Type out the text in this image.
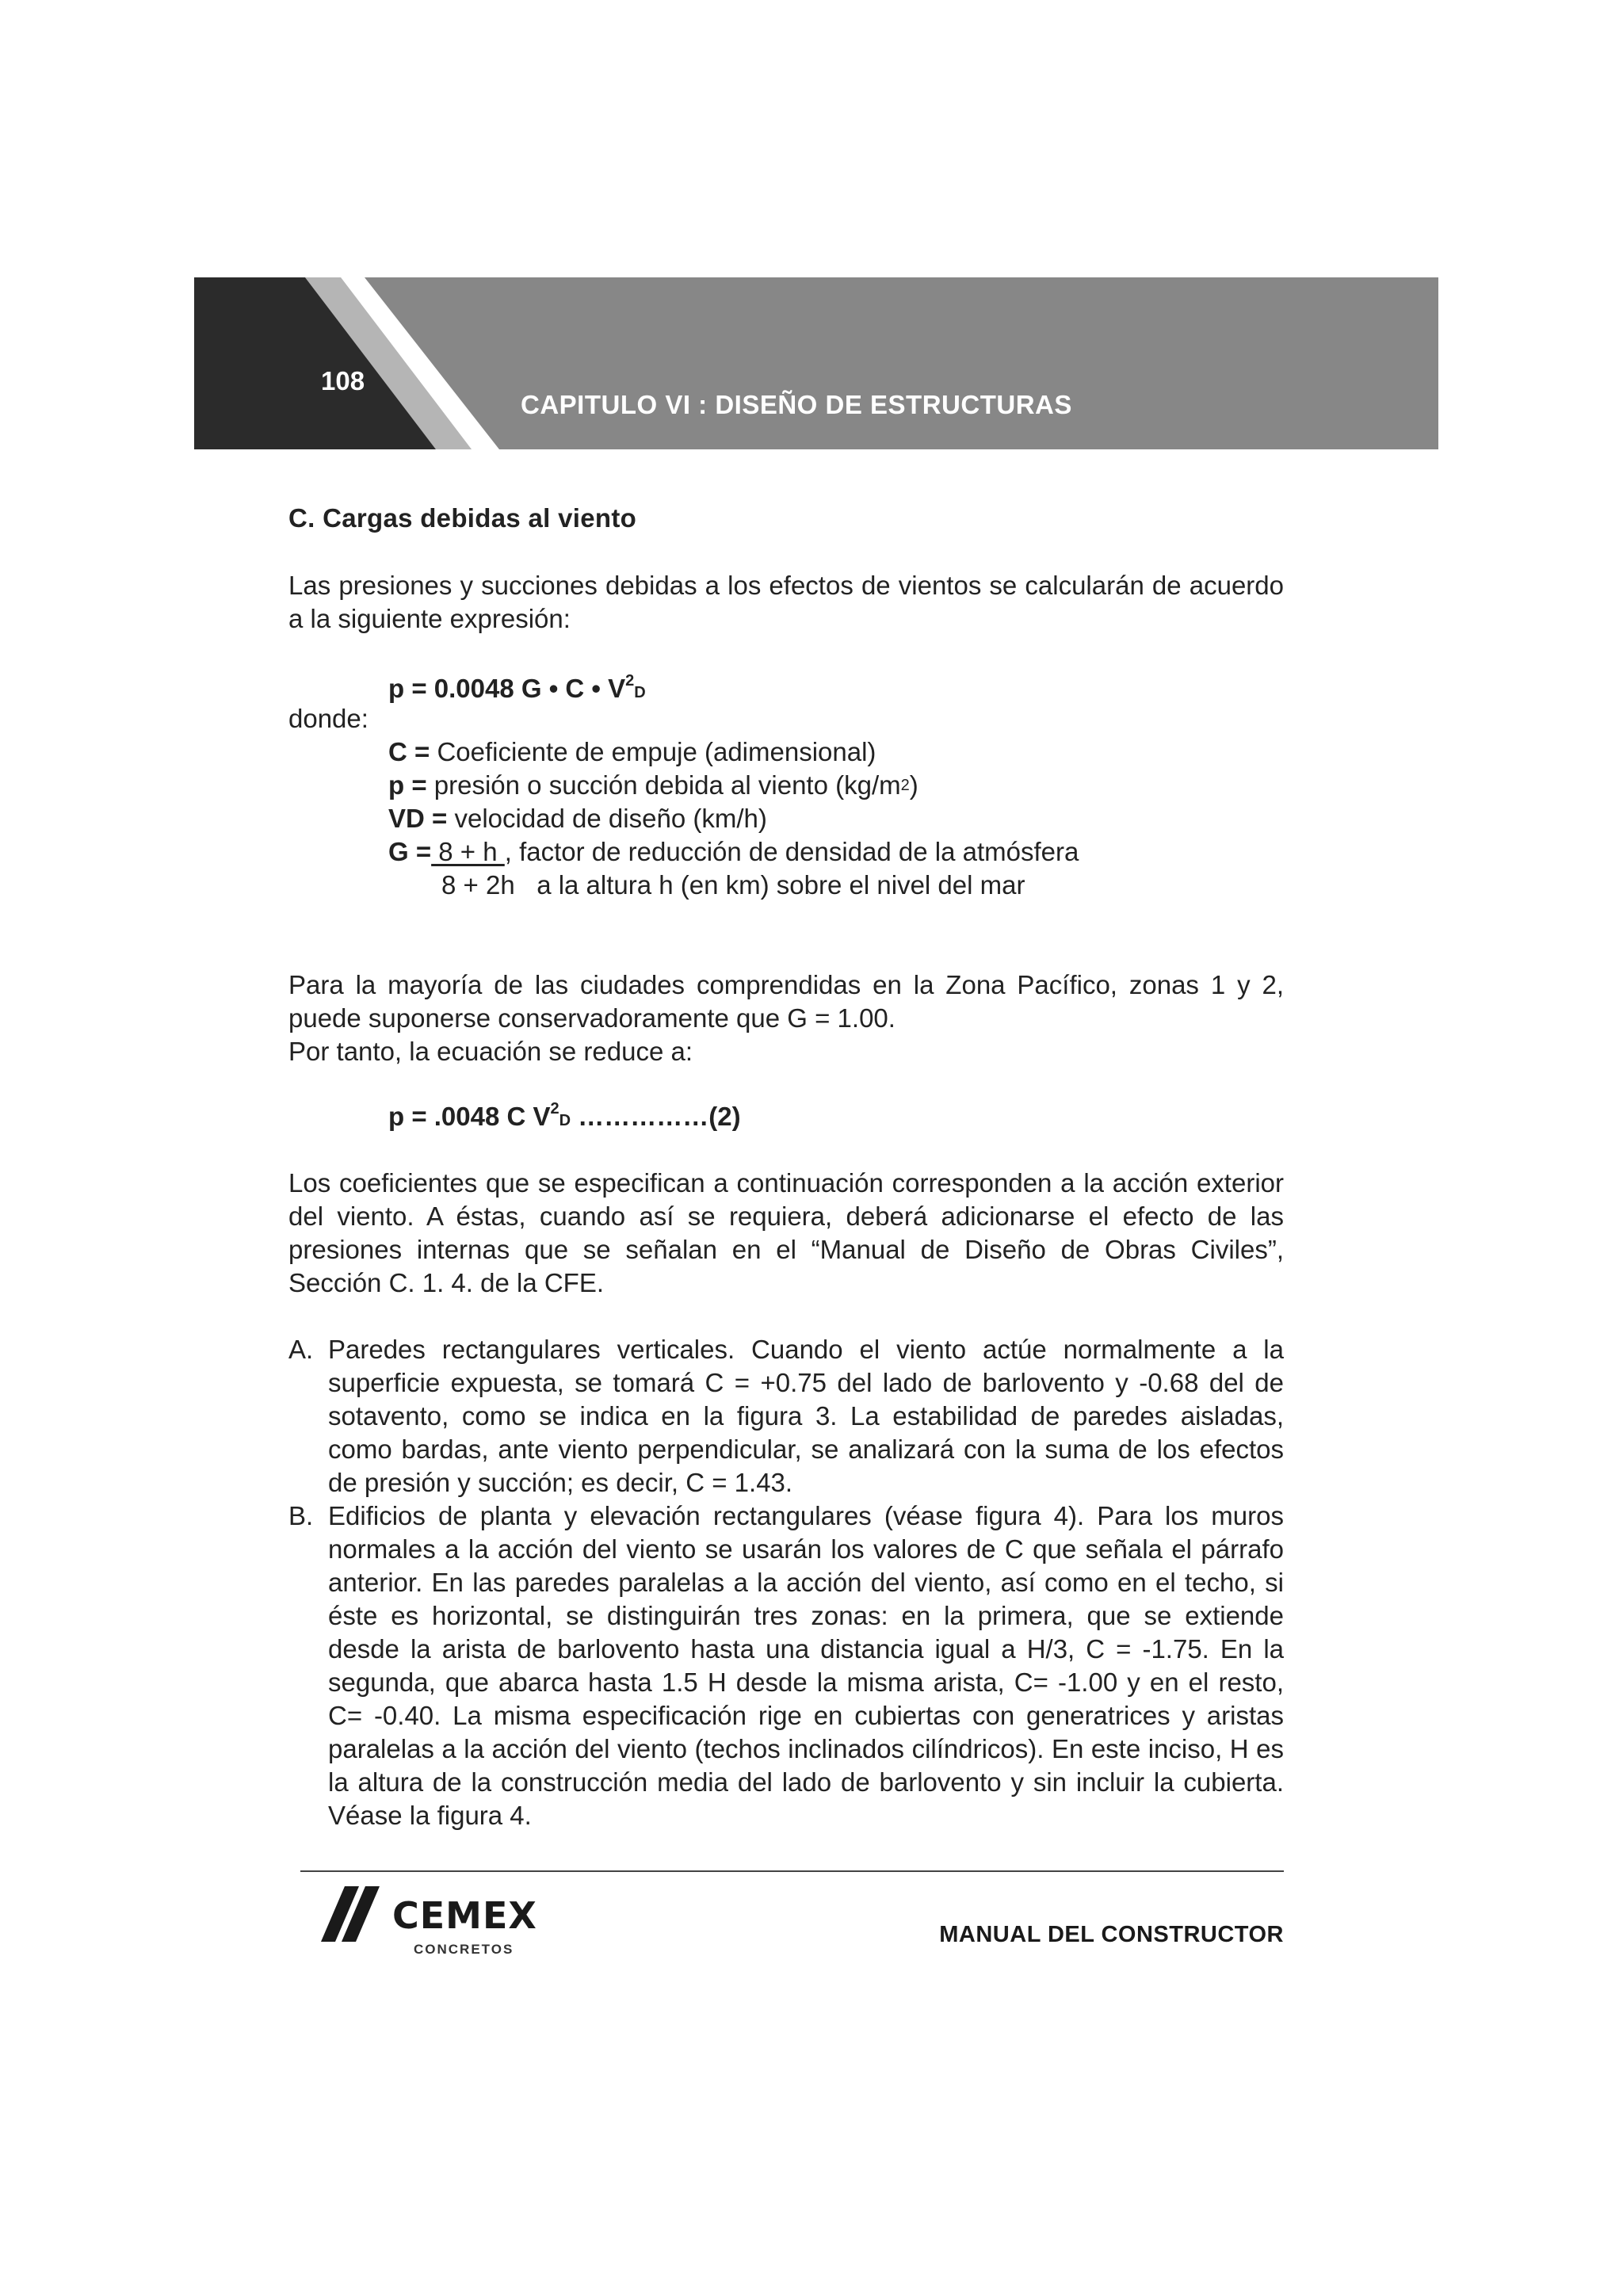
108
CAPITULO VI : DISEÑO DE ESTRUCTURAS
C. Cargas debidas al viento
Las presiones y succiones debidas a los efectos de vientos se calcularán de acuerdo a la siguiente expresión:
p = 0.0048 G • C • $V^2D$
donde:
C = Coeficiente de empuje (adimensional)
p = presión o succión debida al viento $(kg/m^2)$
VD = velocidad de diseño (km/h)
G = 8 + h , factor de reducción de densidad de la atmósfera
8 + 2h a la altura h (en km) sobre el nivel del mar
Para la mayoría de las ciudades comprendidas en la Zona Pacífico, zonas 1 y 2, puede suponerse conservadoramente que G = 1.00.
Por tanto, la ecuación se reduce a:
p = .0048 C $V^2D$ ……………(2)
Los coeficientes que se especifican a continuación corresponden a la acción exterior del viento. A éstas, cuando así se requiera, deberá adicionarse el efecto de las presiones internas que se señalan en el “Manual de Diseño de Obras Civiles”, Sección C. 1. 4. de la CFE.
A. Paredes rectangulares verticales. Cuando el viento actúe normalmente a la superficie expuesta, se tomará C = +0.75 del lado de barlovento y -0.68 del de sotavento, como se indica en la figura 3. La estabilidad de paredes aisladas, como bardas, ante viento perpendicular, se analizará con la suma de los efectos de presión y succión; es decir, C = 1.43.
B. Edificios de planta y elevación rectangulares (véase figura 4). Para los muros normales a la acción del viento se usarán los valores de C que señala el párrafo anterior. En las paredes paralelas a la acción del viento, así como en el techo, si éste es horizontal, se distinguirán tres zonas: en la primera, que se extiende desde la arista de barlovento hasta una distancia igual a H/3, C = -1.75. En la segunda, que abarca hasta 1.5 H desde la misma arista, C= -1.00 y en el resto, C= -0.40. La misma especificación rige en cubiertas con generatrices y aristas paralelas a la acción del viento (techos inclinados cilíndricos). En este inciso, H es la altura de la construcción media del lado de barlovento y sin incluir la cubierta. Véase la figura 4.
CEMEX
CONCRETOS
MANUAL DEL CONSTRUCTOR
